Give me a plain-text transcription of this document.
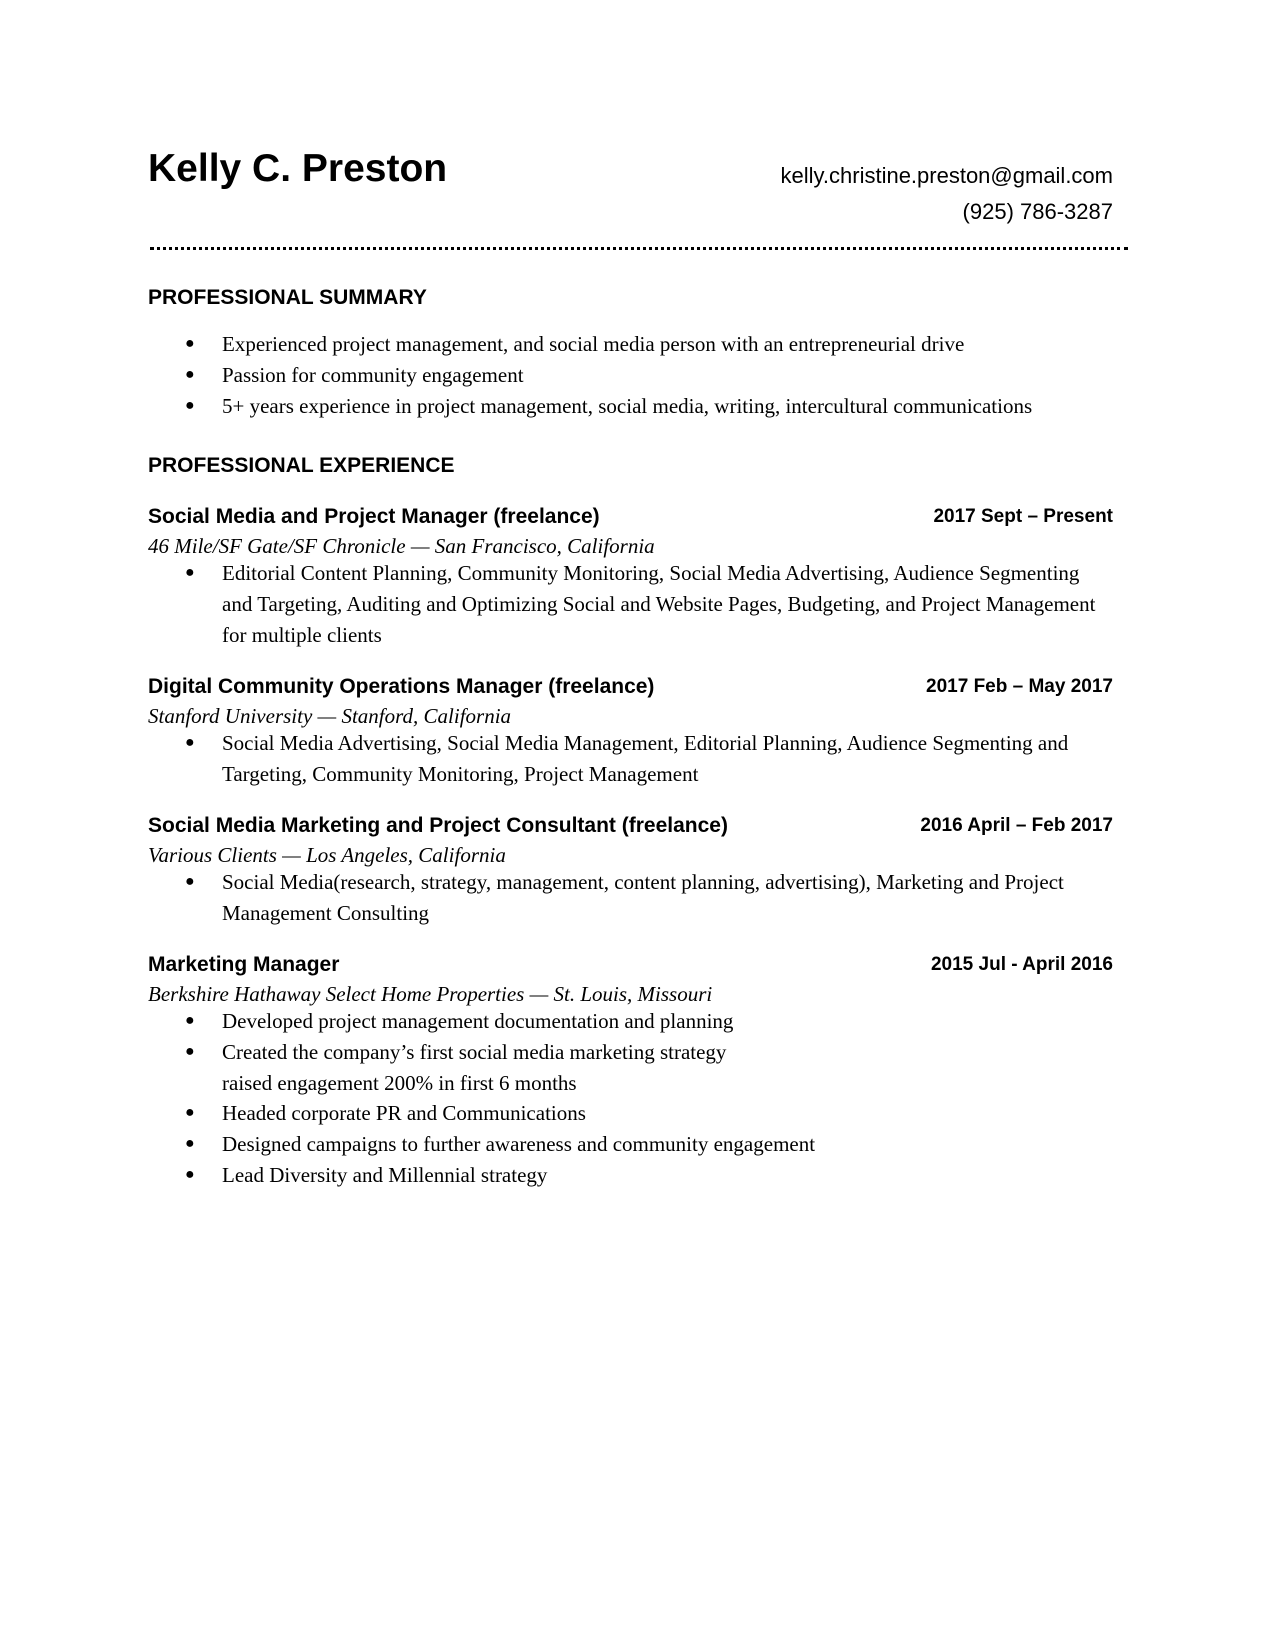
Kelly C. Preston	kelly.christine.preston@gmail.com
(925) 786-3287
PROFESSIONAL SUMMARY
● Experienced project management, and social media person with an entrepreneurial drive
● Passion for community engagement
● 5+ years experience in project management, social media, writing, intercultural communications
PROFESSIONAL EXPERIENCE
Social Media and Project Manager (freelance)	2017 Sept – Present
46 Mile/SF Gate/SF Chronicle — San Francisco, California
● Editorial Content Planning, Community Monitoring, Social Media Advertising, Audience Segmenting and Targeting, Auditing and Optimizing Social and Website Pages, Budgeting, and Project Management for multiple clients
Digital Community Operations Manager (freelance)	2017 Feb – May 2017
Stanford University — Stanford, California
● Social Media Advertising, Social Media Management, Editorial Planning, Audience Segmenting and Targeting, Community Monitoring, Project Management
Social Media Marketing and Project Consultant (freelance)	2016 April – Feb 2017
Various Clients — Los Angeles, California
● Social Media(research, strategy, management, content planning, advertising), Marketing and Project Management Consulting
Marketing Manager	2015 Jul - April 2016
Berkshire Hathaway Select Home Properties — St. Louis, Missouri
● Developed project management documentation and planning
● Created the company’s first social media marketing strategy
raised engagement 200% in first 6 months
● Headed corporate PR and Communications
● Designed campaigns to further awareness and community engagement
● Lead Diversity and Millennial strategy
